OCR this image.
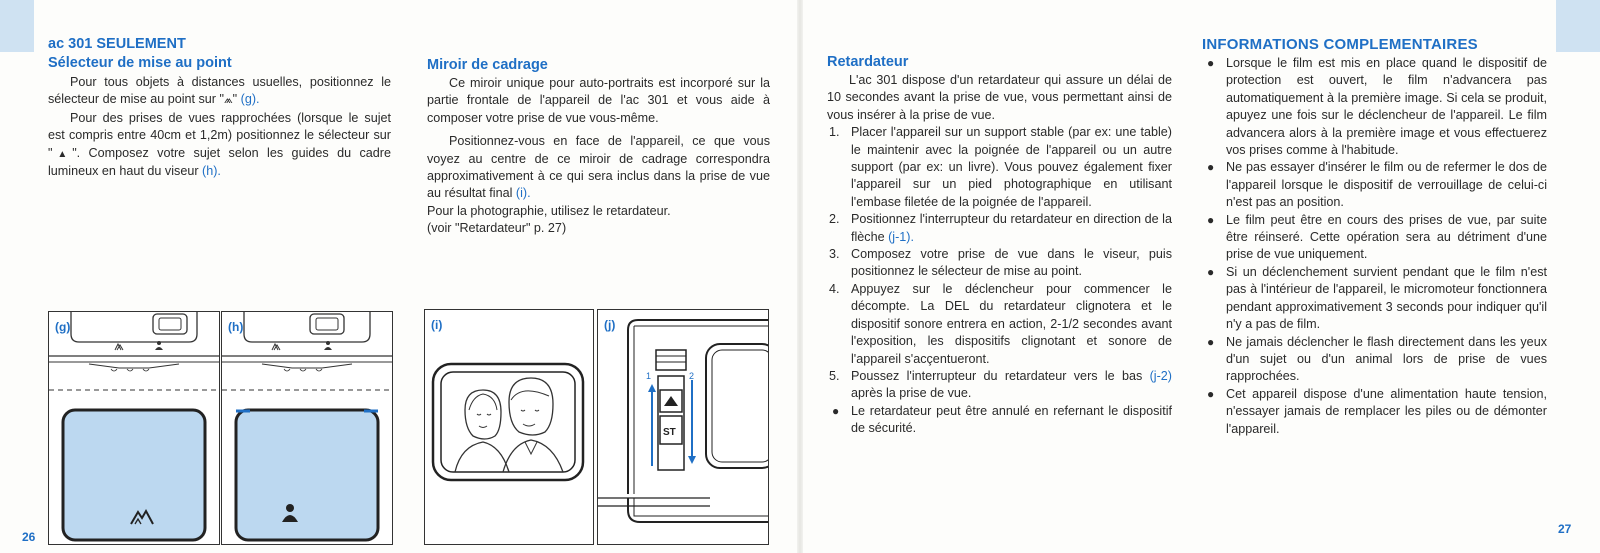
ac 301 SEULEMENT
Sélecteur de mise au point

Pour tous objets à distances usuelles, positionnez le sélecteur de mise au point sur "⩕" (g).

Pour des prises de vues rapprochées (lorsque le sujet est compris entre 40cm et 1,2m) positionnez le sélecteur sur "▲". Composez votre sujet selon les guides du cadre lumineux en haut du viseur (h).

Miroir de cadrage

Ce miroir unique pour auto-portraits est incorporé sur la partie frontale de l'appareil de l'ac 301 et vous aide à composer votre prise de vue vous-même.

Positionnez-vous en face de l'appareil, ce que vous voyez au centre de ce miroir de cadrage correspondra approximativement à ce qui sera inclus dans la prise de vue au résultat final (i).

Pour la photographie, utilisez le retardateur.

(voir "Retardateur" p. 27)

(g)	(h)
26
(i)	(j)
1	2
ST
Retardateur

L'ac 301 dispose d'un retardateur qui assure un délai de 10 secondes avant la prise de vue, vous permettant ainsi de vous insérer à la prise de vue.

1. Placer l'appareil sur un support stable (par ex: une table) le maintenir avec la poignée de l'appareil ou un autre support (par ex: un livre). Vous pouvez également fixer l'appareil sur un pied photographique en utilisant l'embase filetée de la poignée de l'appareil.
2. Positionnez l'interrupteur du retardateur en direction de la flèche (j-1).
3. Composez votre prise de vue dans le viseur, puis positionnez le sélecteur de mise au point.
4. Appuyez sur le déclencheur pour commencer le décompte. La DEL du retardateur clignotera et le dispositif sonore entrera en action, 2-1/2 secondes avant l'exposition, les dispositifs clignotant et sonore de l'appareil s'acçentueront.
5. Poussez l'interrupteur du retardateur vers le bas (j-2) après la prise de vue.
● Le retardateur peut être annulé en refernant le dispositif de sécurité.
INFORMATIONS COMPLEMENTAIRES
● Lorsque le film est mis en place quand le dispositif de protection est ouvert, le film n'advancera pas automatiquement à la première image. Si cela se produit, apuyez une fois sur le déclencheur de l'appareil. Le film advancera alors à la première image et vous effectuerez vos prises comme à l'habitude.
● Ne pas essayer d'insérer le film ou de refermer le dos de l'appareil lorsque le dispositif de verrouillage de celui-ci n'est pas an position.
● Le film peut être en cours des prises de vue, par suite être réinseré. Cette opération sera au détriment d'une prise de vue uniquement.
● Si un déclenchement survient pendant que le film n'est pas à l'intérieur de l'appareil, le micromoteur fonctionnera pendant approximativement 3 seconds pour indiquer qu'il n'y a pas de film.
● Ne jamais déclencher le flash directement dans les yeux d'un sujet ou d'un animal lors de prise de vues rapprochées.
● Cet appareil dispose d'une alimentation haute tension, n'essayer jamais de remplacer les piles ou de démonter l'appareil.
27
